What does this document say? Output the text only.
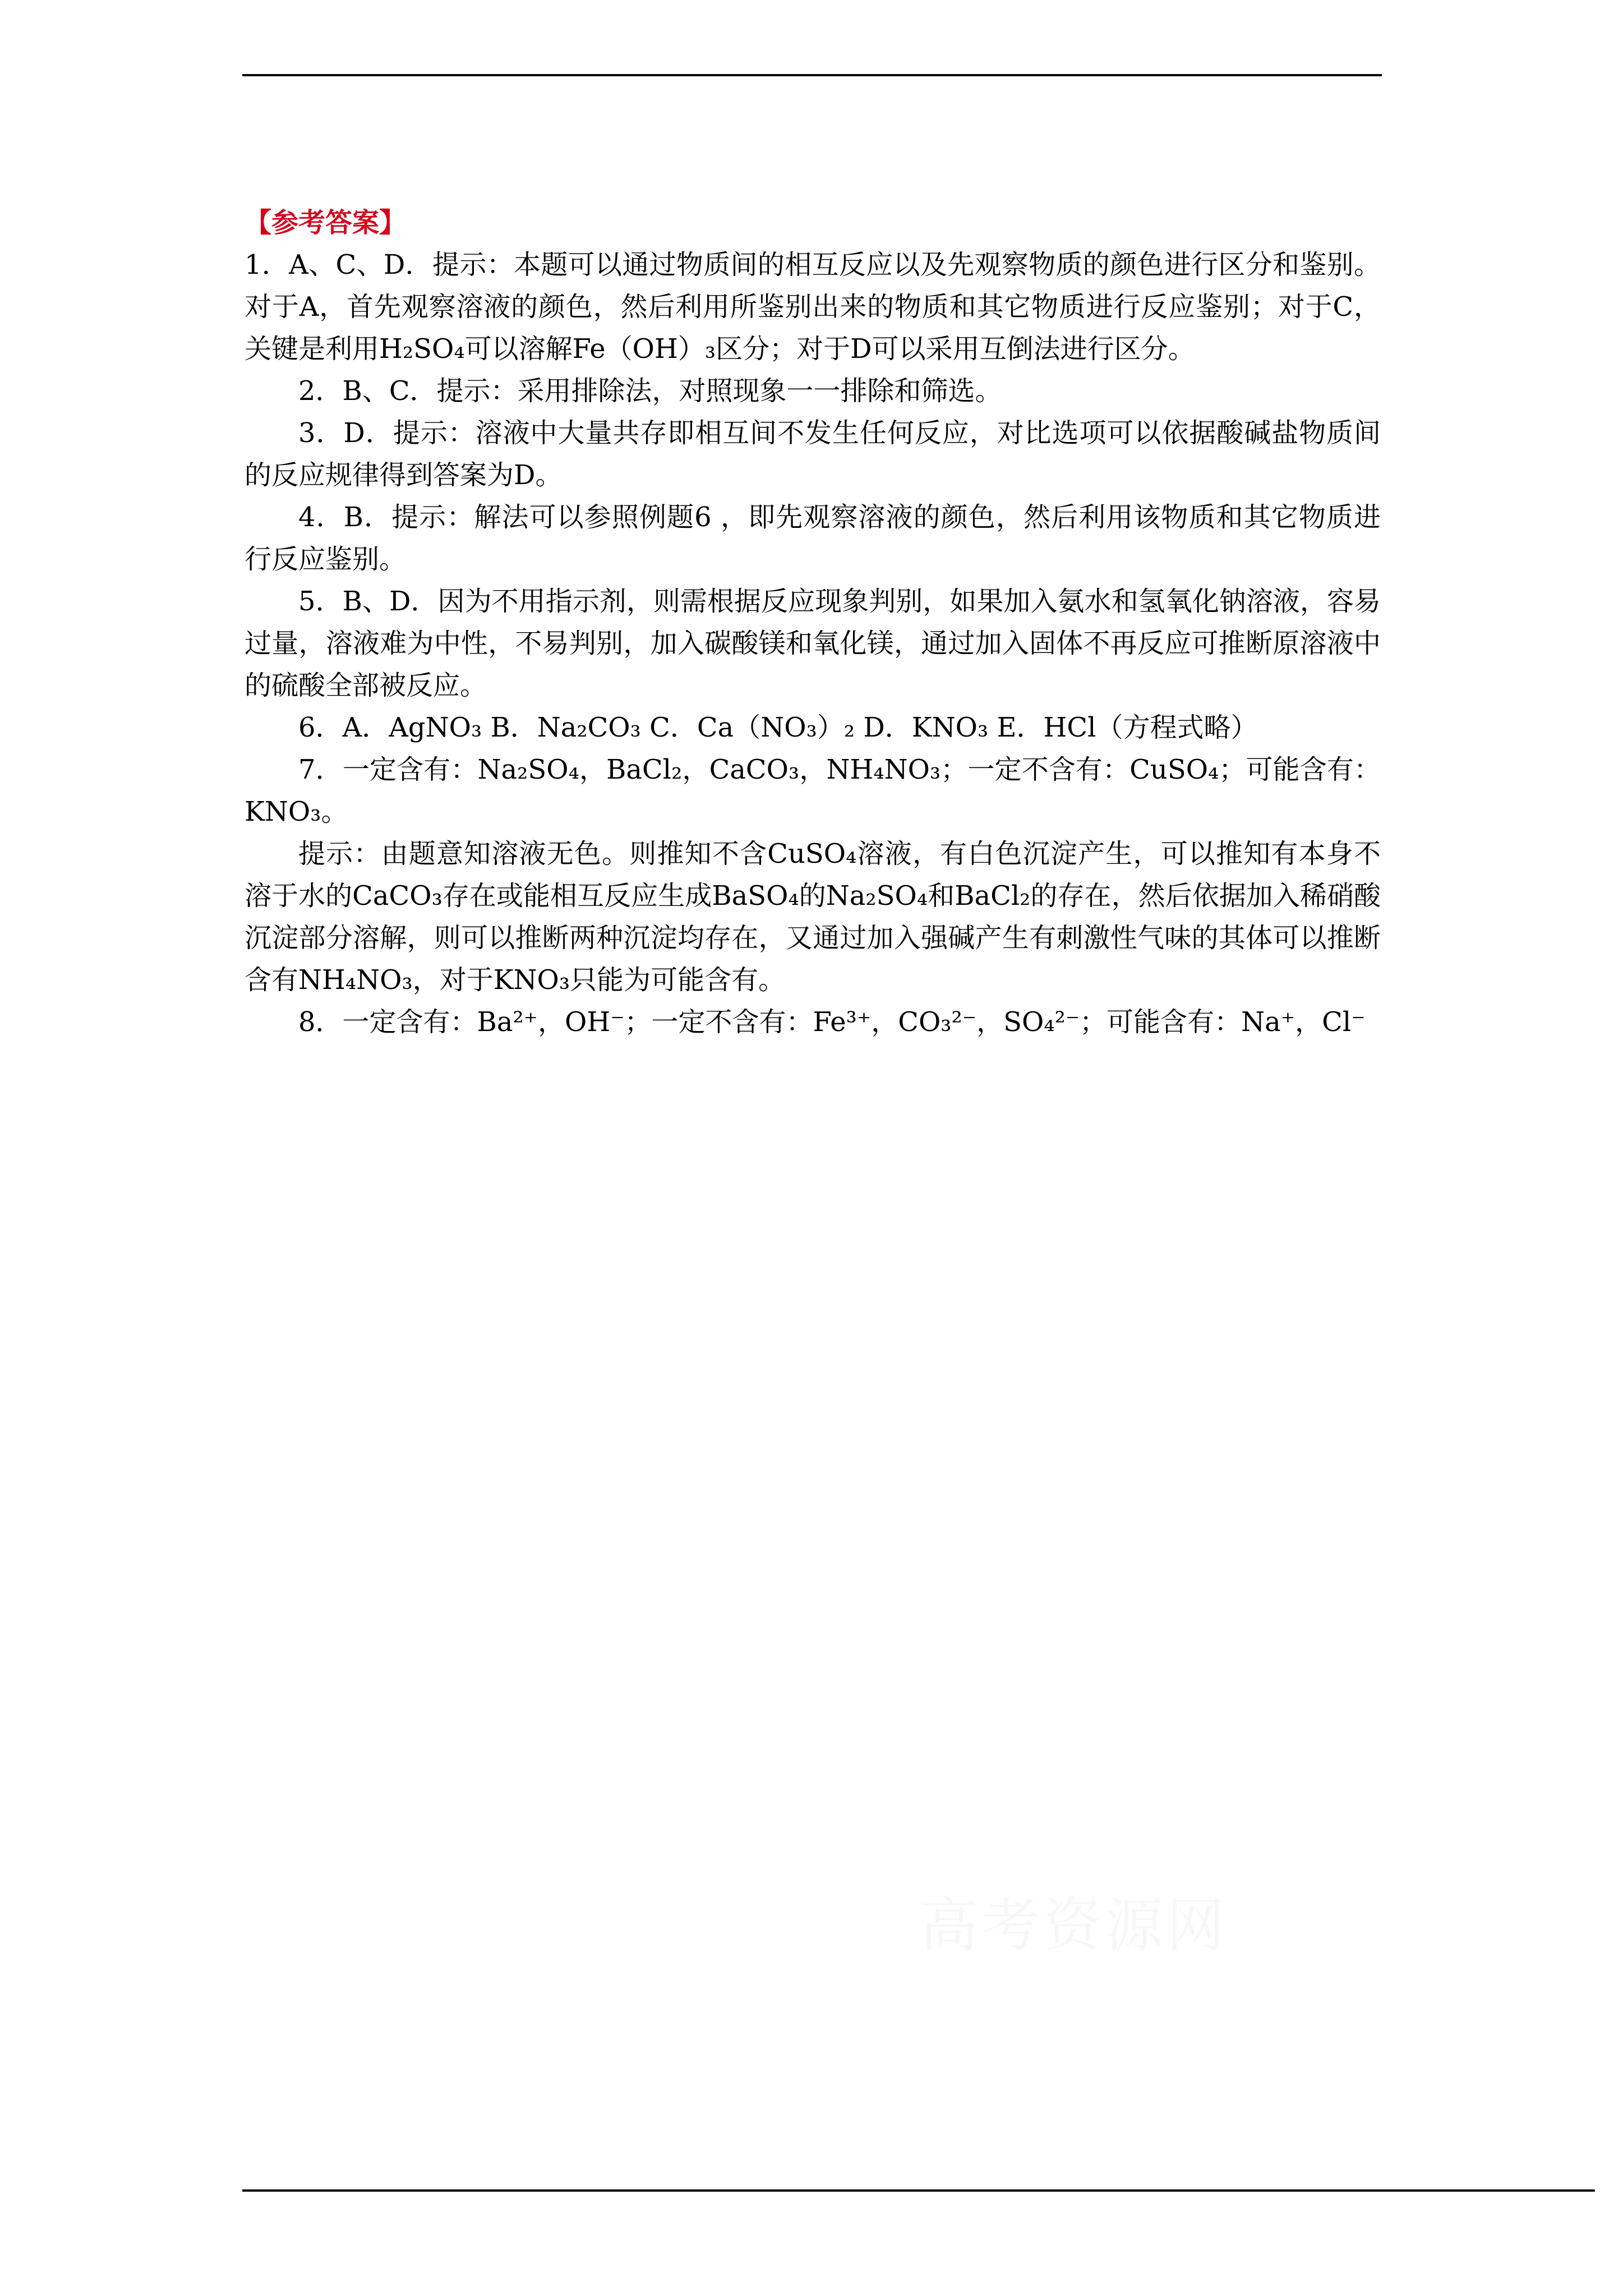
【参考答案】

1．A、C、D．提示：本题可以通过物质间的相互反应以及先观察物质的颜色进行区分和鉴别。对于A，首先观察溶液的颜色，然后利用所鉴别出来的物质和其它物质进行反应鉴别；对于C，关键是利用H₂SO₄可以溶解Fe（OH）₃区分；对于D可以采用互倒法进行区分。

2．B、C．提示：采用排除法，对照现象一一排除和筛选。

3．D．提示：溶液中大量共存即相互间不发生任何反应，对比选项可以依据酸碱盐物质间的反应规律得到答案为D。

4．B．提示：解法可以参照例题6 ，即先观察溶液的颜色，然后利用该物质和其它物质进行反应鉴别。

5．B、D．因为不用指示剂，则需根据反应现象判别，如果加入氨水和氢氧化钠溶液，容易过量，溶液难为中性，不易判别，加入碳酸镁和氧化镁，通过加入固体不再反应可推断原溶液中的硫酸全部被反应。

6．A．AgNO₃ B．Na₂CO₃ C．Ca（NO₃）₂ D．KNO₃ E．HCl（方程式略）

7．一定含有：Na₂SO₄，BaCl₂，CaCO₃，NH₄NO₃；一定不含有：CuSO₄；可能含有：KNO₃。

提示：由题意知溶液无色。则推知不含CuSO₄溶液，有白色沉淀产生，可以推知有本身不溶于水的CaCO₃存在或能相互反应生成BaSO₄的Na₂SO₄和BaCl₂的存在，然后依据加入稀硝酸沉淀部分溶解，则可以推断两种沉淀均存在，又通过加入强碱产生有刺激性气味的其体可以推断含有NH₄NO₃，对于KNO₃只能为可能含有。

8．一定含有：Ba²⁺，OH⁻；一定不含有：Fe³⁺，CO₃²⁻，SO₄²⁻；可能含有：Na⁺，Cl⁻

高考资源网
